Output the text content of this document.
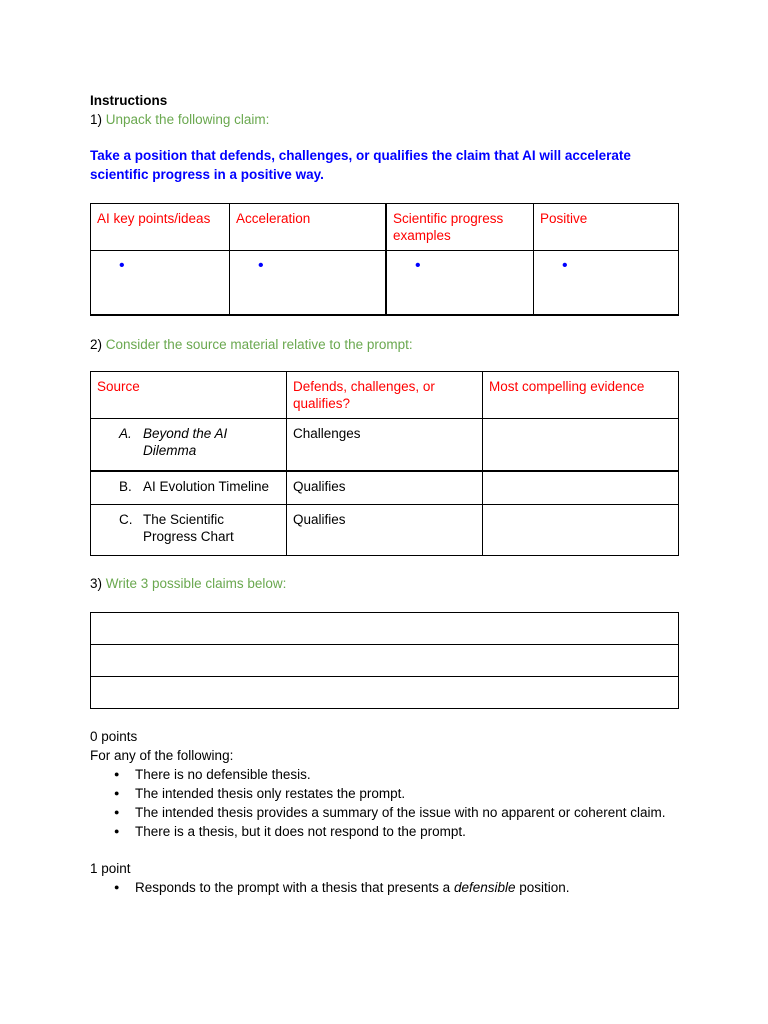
Instructions
1) Unpack the following claim:
Take a position that defends, challenges, or qualifies the claim that AI will accelerate scientific progress in a positive way.
AI key points/ideas	Acceleration	Scientific progress examples	Positive

•	•	•	•
2) Consider the source material relative to the prompt:
Source	Defends, challenges, or qualifies?	Most compelling evidence

A. Beyond the AI Dilemma	Challenges	

B. AI Evolution Timeline	Qualifies	

C. The Scientific Progress Chart	Qualifies	
3) Write 3 possible claims below:

0 points
For any of the following:
● There is no defensible thesis.
● The intended thesis only restates the prompt.
● The intended thesis provides a summary of the issue with no apparent or coherent claim.
● There is a thesis, but it does not respond to the prompt.
1 point
● Responds to the prompt with a thesis that presents a defensible position.
